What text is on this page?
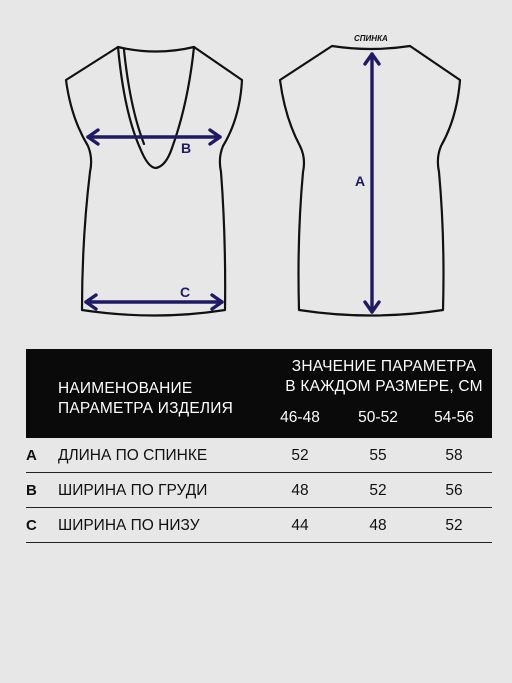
B
C
СПИНКА
A
НАИМЕНОВАНИЕ
ПАРАМЕТРА ИЗДЕЛИЯ
ЗНАЧЕНИЕ ПАРАМЕТРА
В КАЖДОМ РАЗМЕРЕ, СМ
46-48	50-52	54-56
A ДЛИНА ПО СПИНКЕ	52	55	58
B ШИРИНА ПО ГРУДИ	48	52	56
C ШИРИНА ПО НИЗУ	44	48	52
